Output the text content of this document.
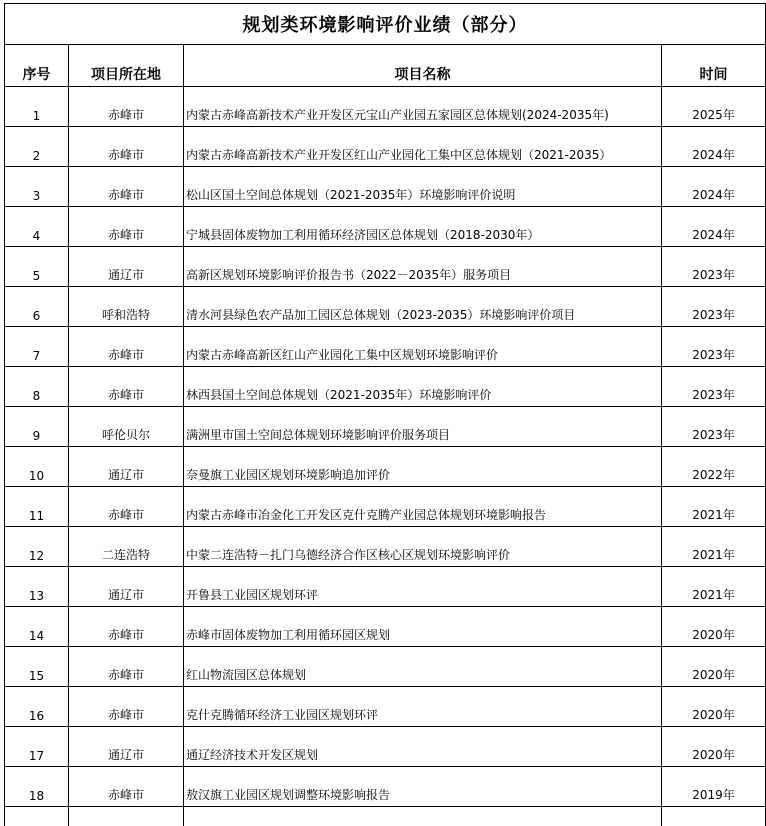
规划类环境影响评价业绩（部分）			
序号	项目所在地	项目名称	时间
1	赤峰市	内蒙古赤峰高新技术产业开发区元宝山产业园五家园区总体规划(2024-2035年)	2025年
2	赤峰市	内蒙古赤峰高新技术产业开发区红山产业园化工集中区总体规划（2021-2035）	2024年
3	赤峰市	松山区国土空间总体规划（2021-2035年）环境影响评价说明	2024年
4	赤峰市	宁城县固体废物加工利用循环经济园区总体规划（2018-2030年）	2024年
5	通辽市	高新区规划环境影响评价报告书（2022－2035年）服务项目	2023年
6	呼和浩特	清水河县绿色农产品加工园区总体规划（2023-2035）环境影响评价项目	2023年
7	赤峰市	内蒙古赤峰高新区红山产业园化工集中区规划环境影响评价	2023年
8	赤峰市	林西县国土空间总体规划（2021-2035年）环境影响评价	2023年
9	呼伦贝尔	满洲里市国土空间总体规划环境影响评价服务项目	2023年
10	通辽市	奈曼旗工业园区规划环境影响追加评价	2022年
11	赤峰市	内蒙古赤峰市冶金化工开发区克什克腾产业园总体规划环境影响报告	2021年
12	二连浩特	中蒙二连浩特－扎门乌德经济合作区核心区规划环境影响评价	2021年
13	通辽市	开鲁县工业园区规划环评	2021年
14	赤峰市	赤峰市固体废物加工利用循环园区规划	2020年
15	赤峰市	红山物流园区总体规划	2020年
16	赤峰市	克什克腾循环经济工业园区规划环评	2020年
17	通辽市	通辽经济技术开发区规划	2020年
18	赤峰市	敖汉旗工业园区规划调整环境影响报告	2019年
